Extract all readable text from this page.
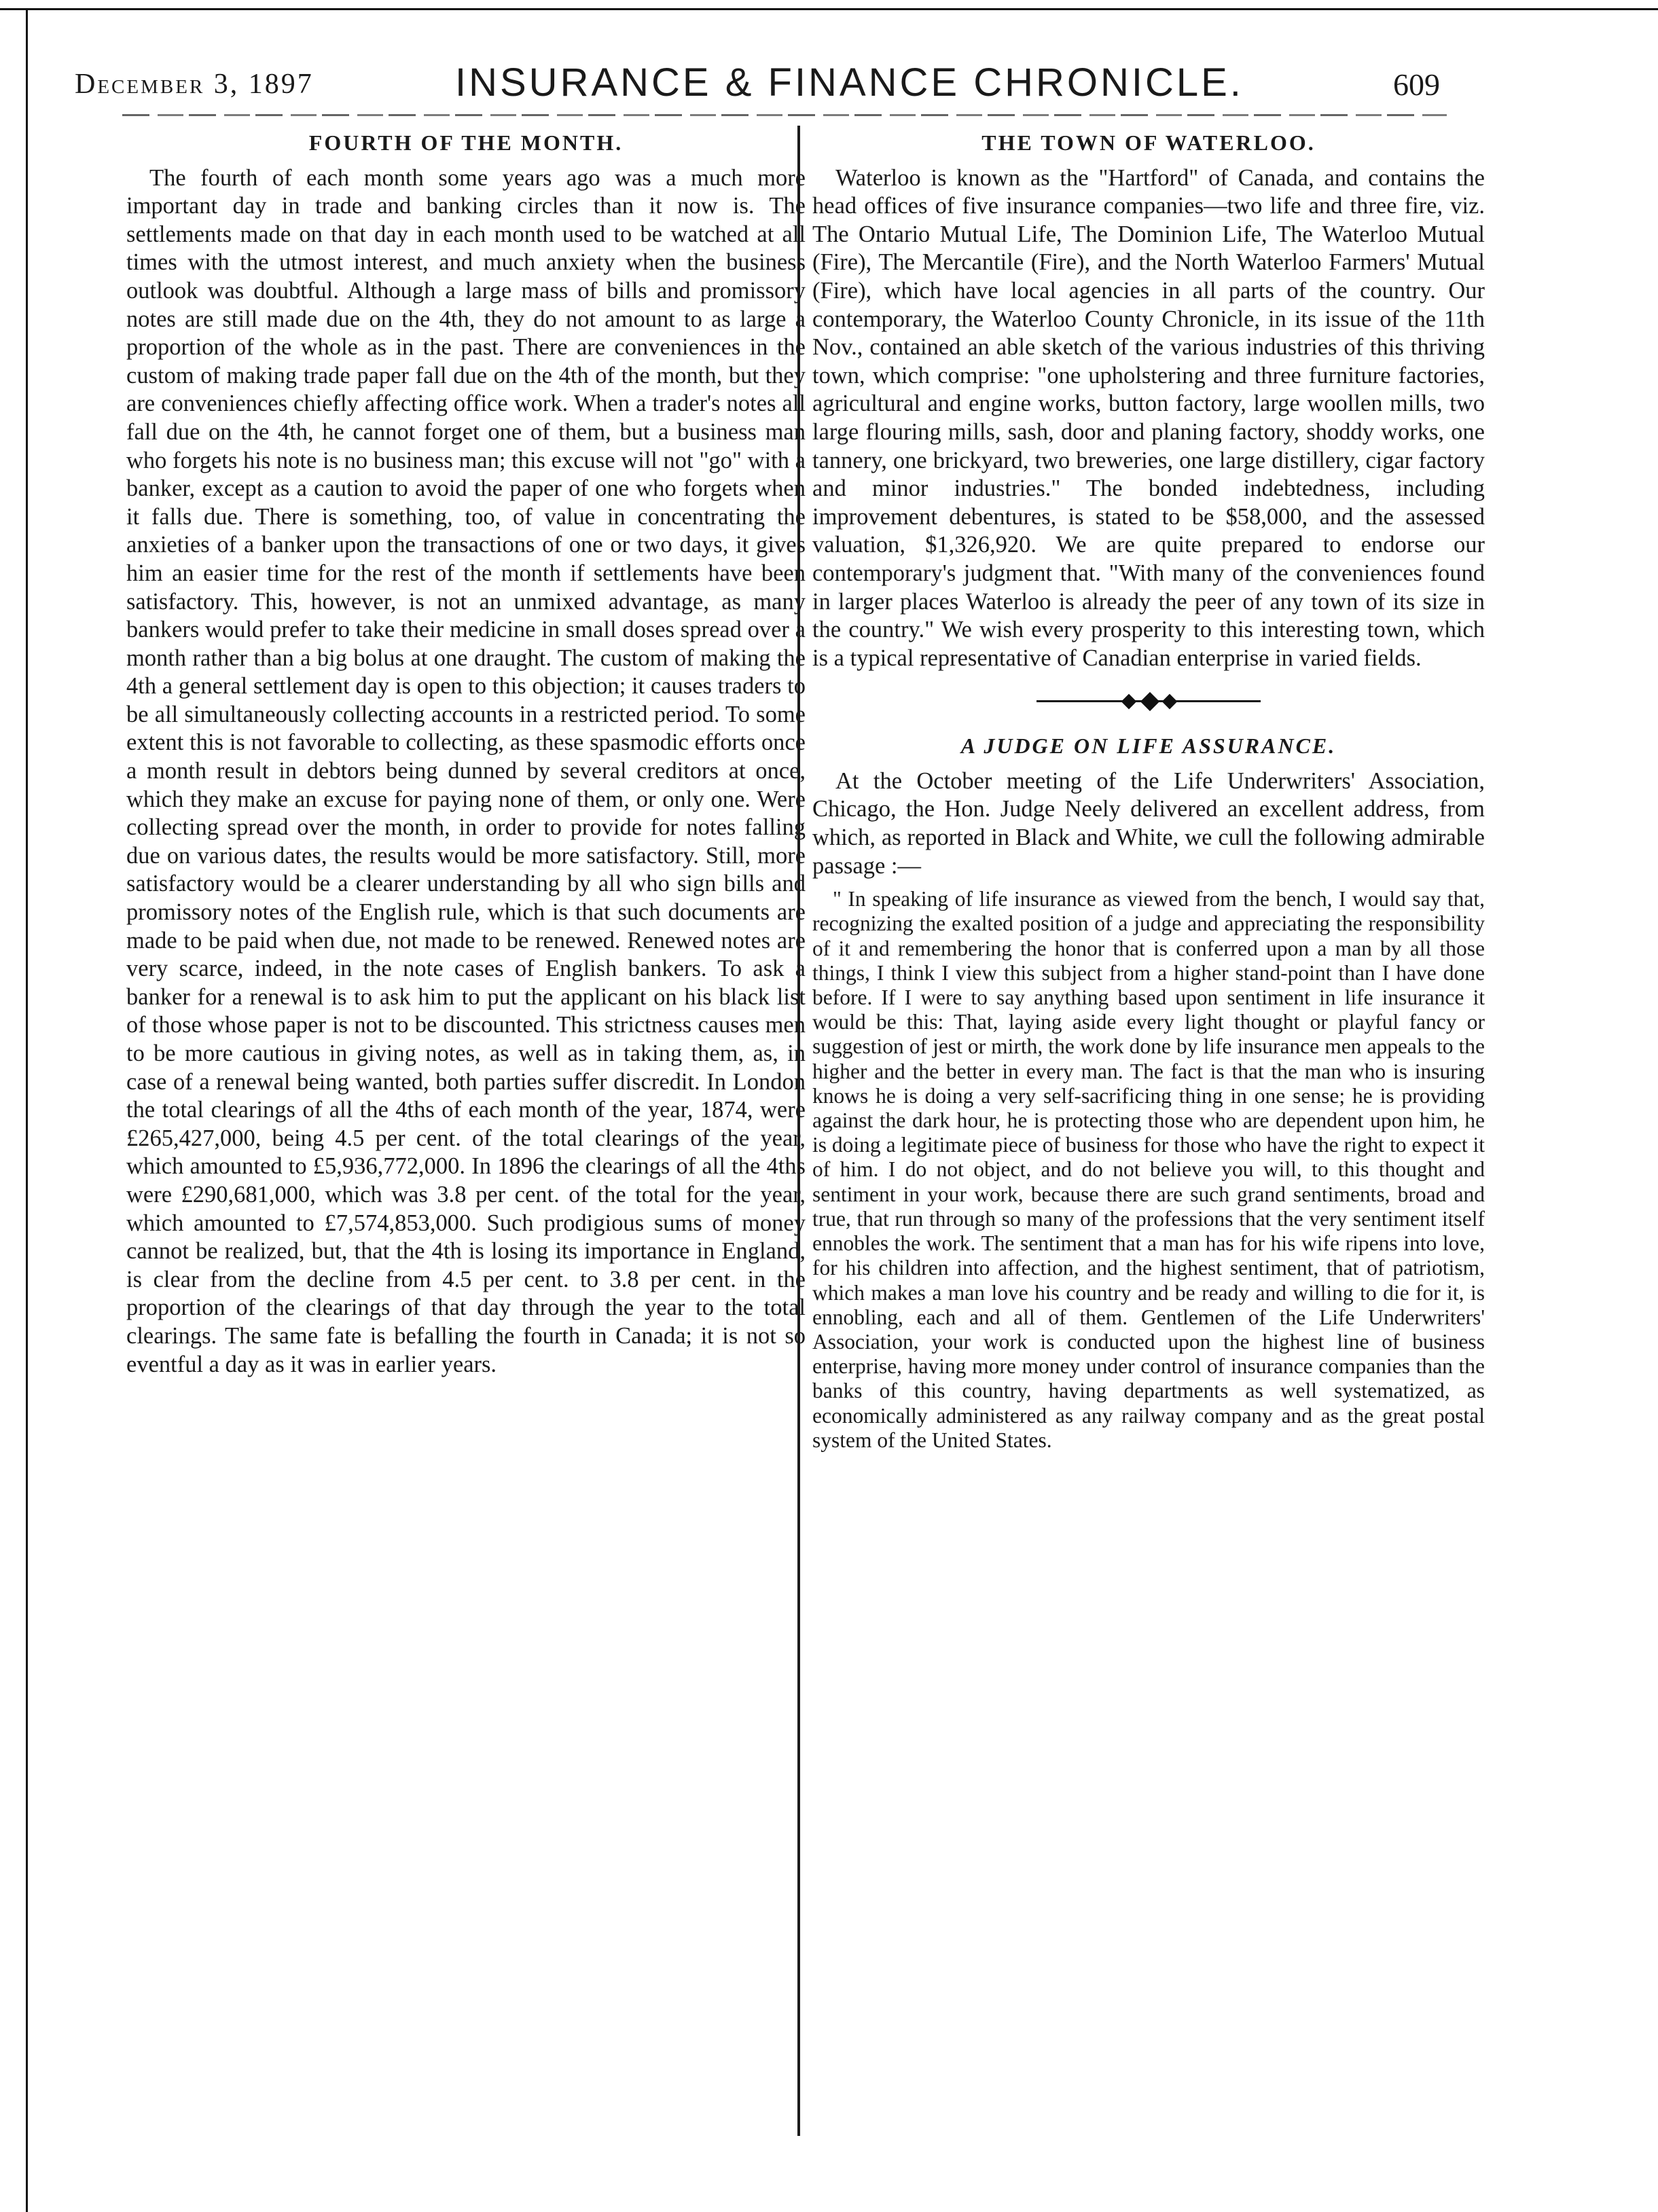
December 3, 1897	INSURANCE & FINANCE CHRONICLE.	609
FOURTH OF THE MONTH.

The fourth of each month some years ago was a much more important day in trade and banking circles than it now is. The settlements made on that day in each month used to be watched at all times with the utmost interest, and much anxiety when the business outlook was doubtful. Although a large mass of bills and promissory notes are still made due on the 4th, they do not amount to as large a proportion of the whole as in the past. There are conveniences in the custom of making trade paper fall due on the 4th of the month, but they are conveniences chiefly affecting office work. When a trader's notes all fall due on the 4th, he cannot forget one of them, but a business man who forgets his note is no business man; this excuse will not "go" with a banker, except as a caution to avoid the paper of one who forgets when it falls due. There is something, too, of value in concentrating the anxieties of a banker upon the transactions of one or two days, it gives him an easier time for the rest of the month if settlements have been satisfactory. This, however, is not an unmixed advantage, as many bankers would prefer to take their medicine in small doses spread over a month rather than a big bolus at one draught. The custom of making the 4th a general settlement day is open to this objection; it causes traders to be all simultaneously collecting accounts in a restricted period. To some extent this is not favorable to collecting, as these spasmodic efforts once a month result in debtors being dunned by several creditors at once, which they make an excuse for paying none of them, or only one. Were collecting spread over the month, in order to provide for notes falling due on various dates, the results would be more satisfactory. Still, more satisfactory would be a clearer understanding by all who sign bills and promissory notes of the English rule, which is that such documents are made to be paid when due, not made to be renewed. Renewed notes are very scarce, indeed, in the note cases of English bankers. To ask a banker for a renewal is to ask him to put the applicant on his black list of those whose paper is not to be discounted. This strictness causes men to be more cautious in giving notes, as well as in taking them, as, in case of a renewal being wanted, both parties suffer discredit. In London the total clearings of all the 4ths of each month of the year, 1874, were £265,427,000, being 4.5 per cent. of the total clearings of the year, which amounted to £5,936,772,000. In 1896 the clearings of all the 4ths were £290,681,000, which was 3.8 per cent. of the total for the year, which amounted to £7,574,853,000. Such prodigious sums of money cannot be realized, but, that the 4th is losing its importance in England, is clear from the decline from 4.5 per cent. to 3.8 per cent. in the proportion of the clearings of that day through the year to the total clearings. The same fate is befalling the fourth in Canada; it is not so eventful a day as it was in earlier years.

THE TOWN OF WATERLOO.

Waterloo is known as the "Hartford" of Canada, and contains the head offices of five insurance companies—two life and three fire, viz. The Ontario Mutual Life, The Dominion Life, The Waterloo Mutual (Fire), The Mercantile (Fire), and the North Waterloo Farmers' Mutual (Fire), which have local agencies in all parts of the country. Our contemporary, the Waterloo County Chronicle, in its issue of the 11th Nov., contained an able sketch of the various industries of this thriving town, which comprise: "one upholstering and three furniture factories, agricultural and engine works, button factory, large woollen mills, two large flouring mills, sash, door and planing factory, shoddy works, one tannery, one brickyard, two breweries, one large distillery, cigar factory and minor industries." The bonded indebtedness, including improvement debentures, is stated to be $58,000, and the assessed valuation, $1,326,920. We are quite prepared to endorse our contemporary's judgment that. "With many of the conveniences found in larger places Waterloo is already the peer of any town of its size in the country." We wish every prosperity to this interesting town, which is a typical representative of Canadian enterprise in varied fields.

A JUDGE ON LIFE ASSURANCE.

At the October meeting of the Life Underwriters' Association, Chicago, the Hon. Judge Neely delivered an excellent address, from which, as reported in Black and White, we cull the following admirable passage :—

" In speaking of life insurance as viewed from the bench, I would say that, recognizing the exalted position of a judge and appreciating the responsibility of it and remembering the honor that is conferred upon a man by all those things, I think I view this subject from a higher stand-point than I have done before. If I were to say anything based upon sentiment in life insurance it would be this: That, laying aside every light thought or playful fancy or suggestion of jest or mirth, the work done by life insurance men appeals to the higher and the better in every man. The fact is that the man who is insuring knows he is doing a very self-sacrificing thing in one sense; he is providing against the dark hour, he is protecting those who are dependent upon him, he is doing a legitimate piece of business for those who have the right to expect it of him. I do not object, and do not believe you will, to this thought and sentiment in your work, because there are such grand sentiments, broad and true, that run through so many of the professions that the very sentiment itself ennobles the work. The sentiment that a man has for his wife ripens into love, for his children into affection, and the highest sentiment, that of patriotism, which makes a man love his country and be ready and willing to die for it, is ennobling, each and all of them. Gentlemen of the Life Underwriters' Association, your work is conducted upon the highest line of business enterprise, having more money under control of insurance companies than the banks of this country, having departments as well systematized, as economically administered as any railway company and as the great postal system of the United States.
